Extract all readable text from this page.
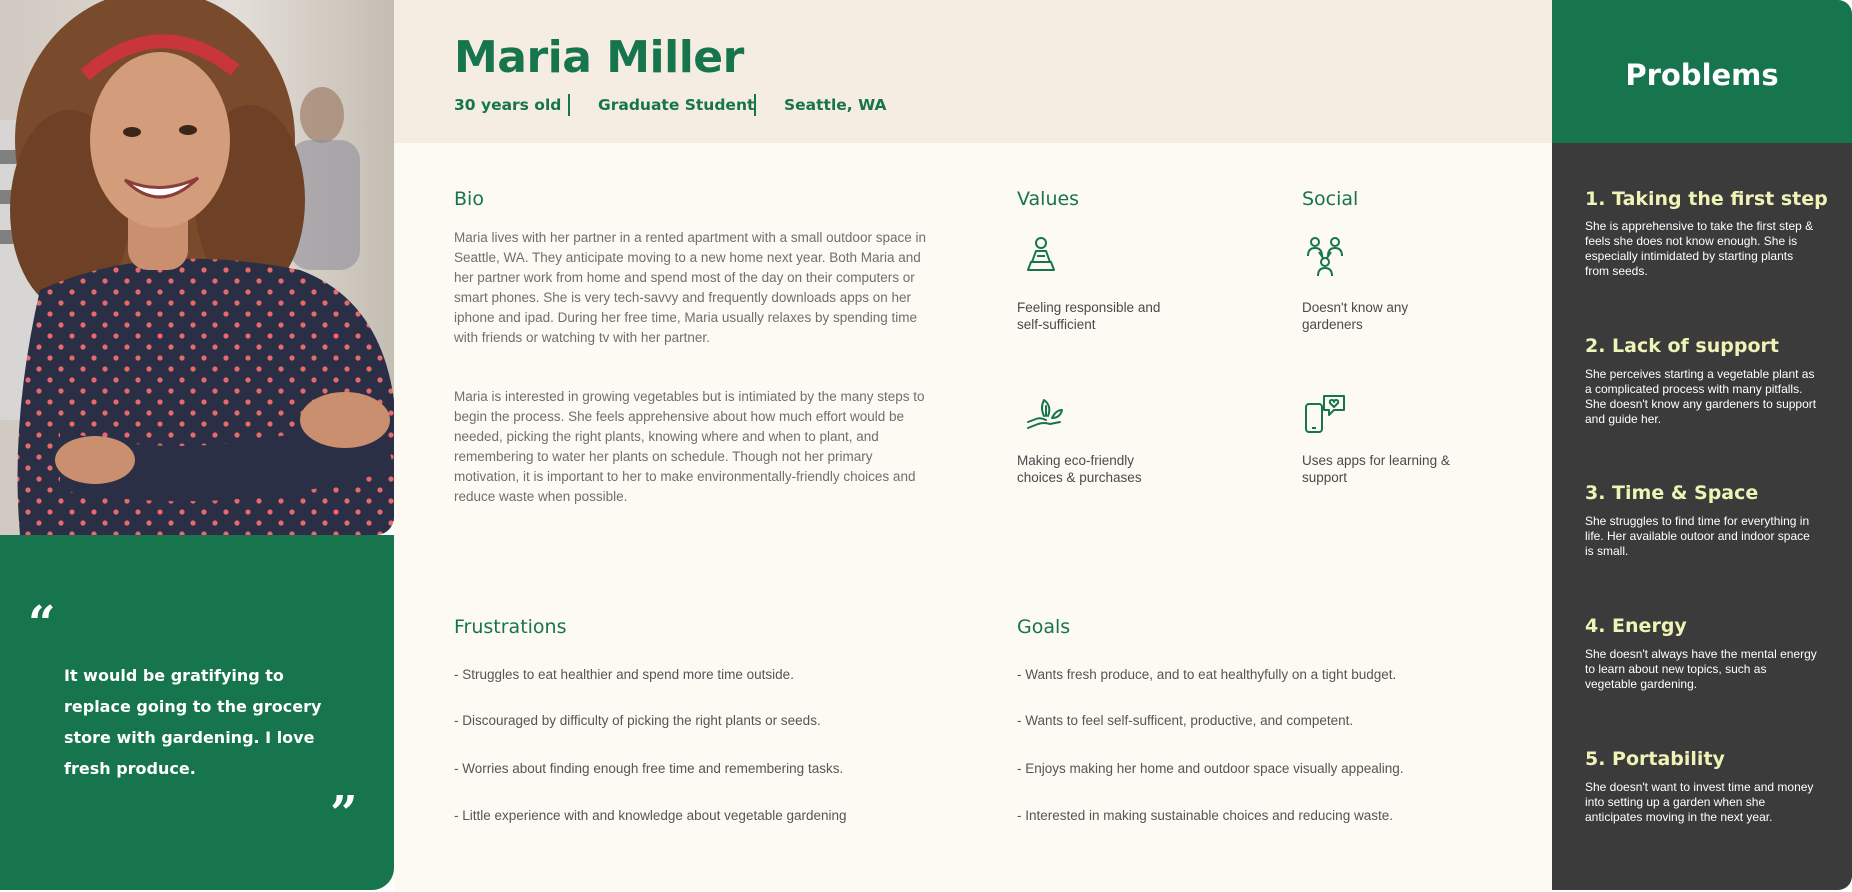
“
It would be gratifying to replace going to the grocery store with gardening. I love fresh produce.
”
Maria Miller
30 years old Graduate Student Seattle, WA
Bio
Maria lives with her partner in a rented apartment with a small outdoor space in Seattle, WA. They anticipate moving to a new home next year. Both Maria and her partner work from home and spend most of the day on their computers or smart phones. She is very tech-savvy and frequently downloads apps on her iphone and ipad. During her free time, Maria usually relaxes by spending time with friends or watching tv with her partner.
Maria is interested in growing vegetables but is intimiated by the many steps to begin the process. She feels apprehensive about how much effort would be needed, picking the right plants, knowing where and when to plant, and remembering to water her plants on schedule. Though not her primary motivation, it is important to her to make environmentally-friendly choices and reduce waste when possible.
Values
Feeling responsible and self-sufficient
Making eco-friendly choices & purchases
Social
Doesn't know any gardeners
Uses apps for learning & support
Frustrations
- Struggles to eat healthier and spend more time outside.
- Discouraged by difficulty of picking the right plants or seeds.
- Worries about finding enough free time and remembering tasks.
- Little experience with and knowledge about vegetable gardening
Goals
- Wants fresh produce, and to eat healthyfully on a tight budget.
- Wants to feel self-sufficent, productive, and competent.
- Enjoys making her home and outdoor space visually appealing.
- Interested in making sustainable choices and reducing waste.
Problems
1. Taking the first step
She is apprehensive to take the first step & feels she does not know enough. She is especially intimidated by starting plants from seeds.
2. Lack of support
She perceives starting a vegetable plant as a complicated process with many pitfalls. She doesn't know any gardeners to support and guide her.
3. Time & Space
She struggles to find time for everything in life. Her available outoor and indoor space is small.
4. Energy
She doesn't always have the mental energy to learn about new topics, such as vegetable gardening.
5. Portability
She doesn't want to invest time and money into setting up a garden when she anticipates moving in the next year.
